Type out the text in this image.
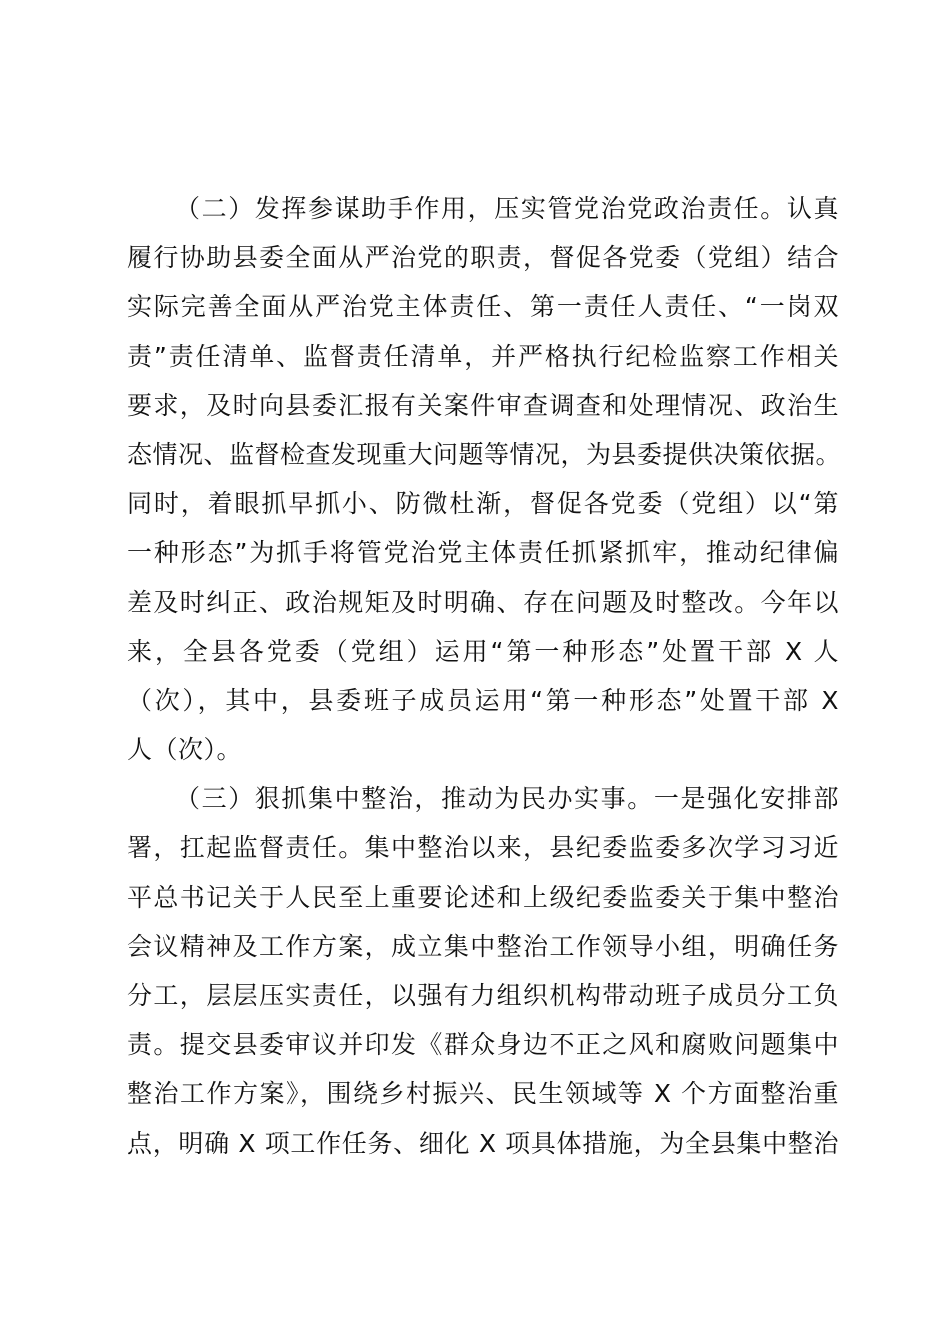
（二）发挥参谋助手作用，压实管党治党政治责任。认真
履行协助县委全面从严治党的职责，督促各党委（党组）结合
实际完善全面从严治党主体责任、第一责任人责任、“一岗双
责”责任清单、监督责任清单，并严格执行纪检监察工作相关
要求，及时向县委汇报有关案件审查调查和处理情况、政治生
态情况、监督检查发现重大问题等情况，为县委提供决策依据。
同时，着眼抓早抓小、防微杜渐，督促各党委（党组）以“第
一种形态”为抓手将管党治党主体责任抓紧抓牢，推动纪律偏
差及时纠正、政治规矩及时明确、存在问题及时整改。今年以
来，全县各党委（党组）运用“第一种形态”处置干部 X 人
（次），其中，县委班子成员运用“第一种形态”处置干部 X
人（次）。
（三）狠抓集中整治，推动为民办实事。一是强化安排部
署，扛起监督责任。集中整治以来，县纪委监委多次学习习近
平总书记关于人民至上重要论述和上级纪委监委关于集中整治
会议精神及工作方案，成立集中整治工作领导小组，明确任务
分工，层层压实责任，以强有力组织机构带动班子成员分工负
责。提交县委审议并印发《群众身边不正之风和腐败问题集中
整治工作方案》，围绕乡村振兴、民生领域等 X 个方面整治重
点，明确 X 项工作任务、细化 X 项具体措施，为全县集中整治
